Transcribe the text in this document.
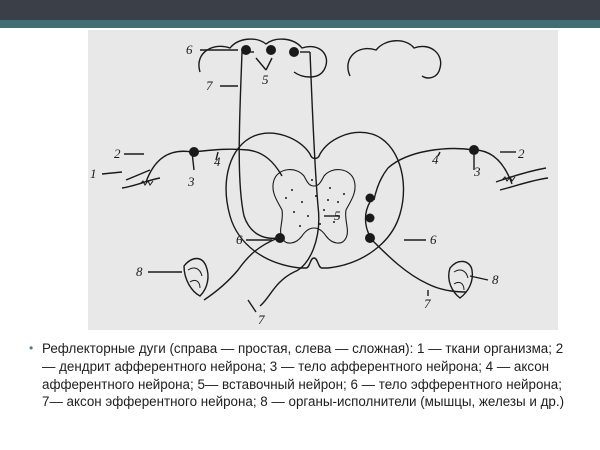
6
5
7
2
4
1
3
4	2
3
5
6	6
8
8
7
7
• Рефлекторные дуги (справа — простая, слева — сложная): 1 — ткани организма; 2 — дендрит афферентного нейрона; 3 — тело афферентного нейрона; 4 — аксон афферентного нейрона; 5— вставочный нейрон; 6 — тело эфферентного нейрона; 7— аксон эфферентного нейрона; 8 — органы-исполнители (мышцы, железы и др.)
